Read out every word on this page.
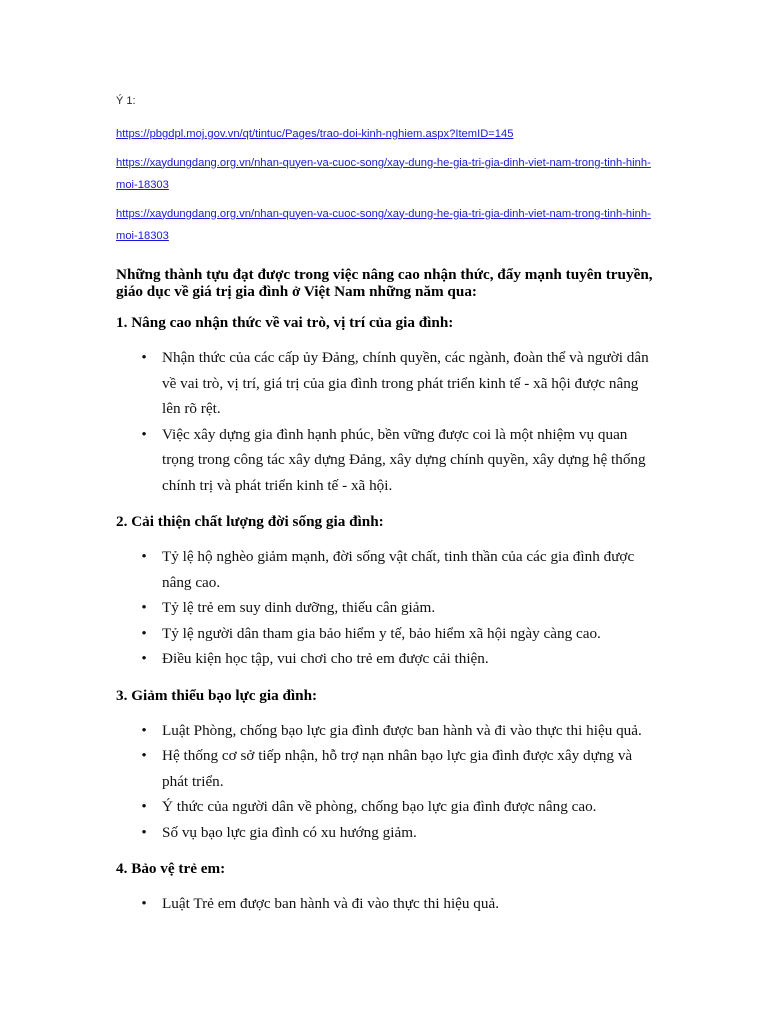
Ý 1:

https://pbgdpl.moj.gov.vn/qt/tintuc/Pages/trao-doi-kinh-nghiem.aspx?ItemID=145
https://xaydungdang.org.vn/nhan-quyen-va-cuoc-song/xay-dung-he-gia-tri-gia-dinh-viet-nam-trong-tinh-hinh-moi-18303
https://xaydungdang.org.vn/nhan-quyen-va-cuoc-song/xay-dung-he-gia-tri-gia-dinh-viet-nam-trong-tinh-hinh-moi-18303

Những thành tựu đạt được trong việc nâng cao nhận thức, đẩy mạnh tuyên truyền, giáo dục về giá trị gia đình ở Việt Nam những năm qua:

1. Nâng cao nhận thức về vai trò, vị trí của gia đình:

• Nhận thức của các cấp ủy Đảng, chính quyền, các ngành, đoàn thể và người dân về vai trò, vị trí, giá trị của gia đình trong phát triển kinh tế - xã hội được nâng lên rõ rệt.
• Việc xây dựng gia đình hạnh phúc, bền vững được coi là một nhiệm vụ quan trọng trong công tác xây dựng Đảng, xây dựng chính quyền, xây dựng hệ thống chính trị và phát triển kinh tế - xã hội.

2. Cải thiện chất lượng đời sống gia đình:

• Tỷ lệ hộ nghèo giảm mạnh, đời sống vật chất, tinh thần của các gia đình được nâng cao.
• Tỷ lệ trẻ em suy dinh dưỡng, thiếu cân giảm.
• Tỷ lệ người dân tham gia bảo hiểm y tế, bảo hiểm xã hội ngày càng cao.
• Điều kiện học tập, vui chơi cho trẻ em được cải thiện.

3. Giảm thiểu bạo lực gia đình:

• Luật Phòng, chống bạo lực gia đình được ban hành và đi vào thực thi hiệu quả.
• Hệ thống cơ sở tiếp nhận, hỗ trợ nạn nhân bạo lực gia đình được xây dựng và phát triển.
• Ý thức của người dân về phòng, chống bạo lực gia đình được nâng cao.
• Số vụ bạo lực gia đình có xu hướng giảm.

4. Bảo vệ trẻ em:

• Luật Trẻ em được ban hành và đi vào thực thi hiệu quả.
